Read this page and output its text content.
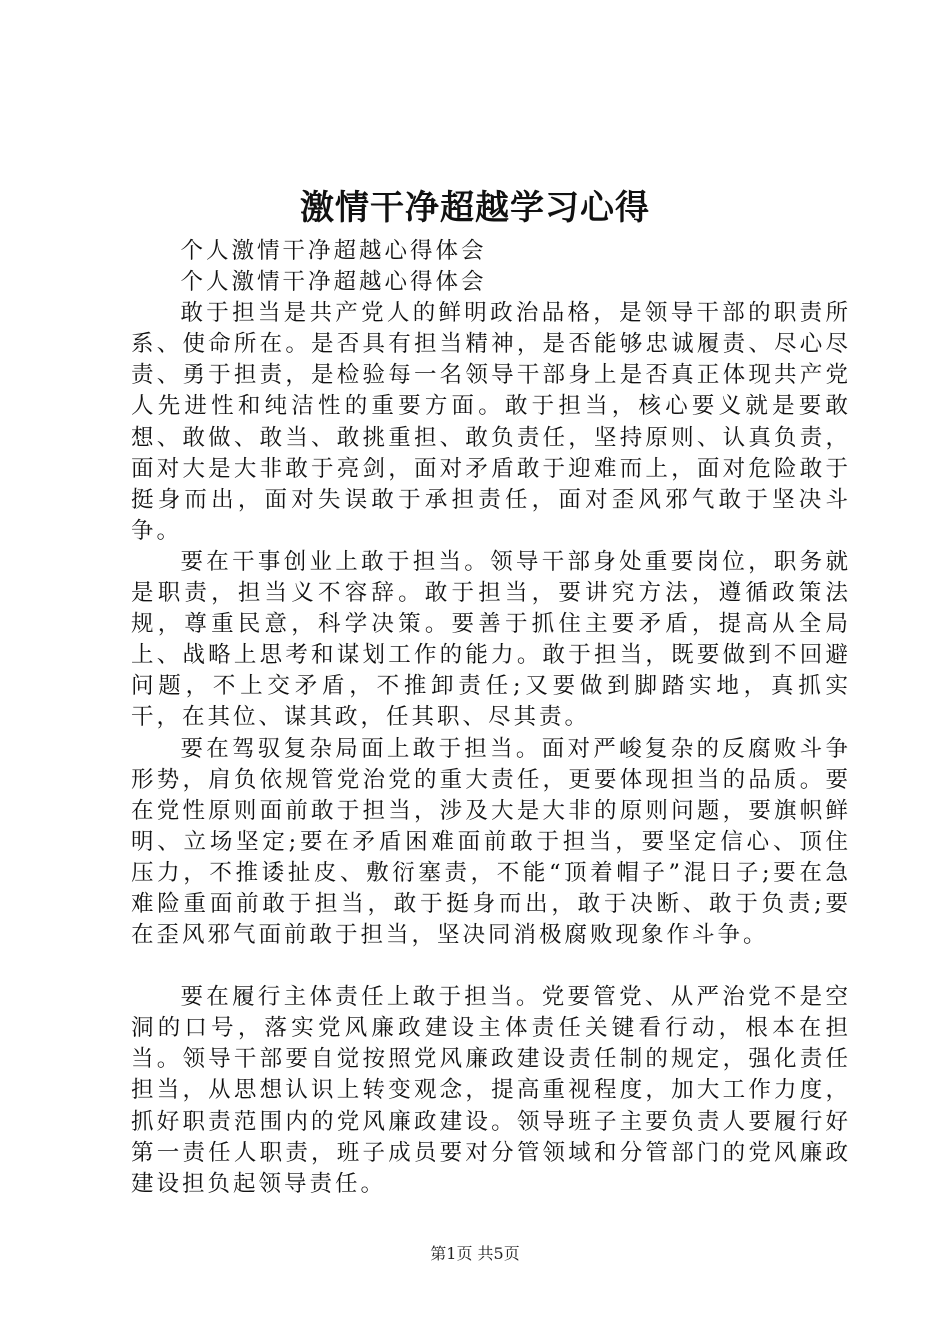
激情干净超越学习心得

个人激情干净超越心得体会

个人激情干净超越心得体会

敢于担当是共产党人的鲜明政治品格，是领导干部的职责所系、使命所在。是否具有担当精神，是否能够忠诚履责、尽心尽责、勇于担责，是检验每一名领导干部身上是否真正体现共产党人先进性和纯洁性的重要方面。敢于担当，核心要义就是要敢想、敢做、敢当、敢挑重担、敢负责任，坚持原则、认真负责，面对大是大非敢于亮剑，面对矛盾敢于迎难而上，面对危险敢于挺身而出，面对失误敢于承担责任，面对歪风邪气敢于坚决斗争。

要在干事创业上敢于担当。领导干部身处重要岗位，职务就是职责，担当义不容辞。敢于担当，要讲究方法，遵循政策法规，尊重民意，科学决策。要善于抓住主要矛盾，提高从全局上、战略上思考和谋划工作的能力。敢于担当，既要做到不回避问题，不上交矛盾，不推卸责任;又要做到脚踏实地，真抓实干，在其位、谋其政，任其职、尽其责。

要在驾驭复杂局面上敢于担当。面对严峻复杂的反腐败斗争形势，肩负依规管党治党的重大责任，更要体现担当的品质。要在党性原则面前敢于担当，涉及大是大非的原则问题，要旗帜鲜明、立场坚定;要在矛盾困难面前敢于担当，要坚定信心、顶住压力，不推诿扯皮、敷衍塞责，不能“顶着帽子”混日子;要在急难险重面前敢于担当，敢于挺身而出，敢于决断、敢于负责;要在歪风邪气面前敢于担当，坚决同消极腐败现象作斗争。

要在履行主体责任上敢于担当。党要管党、从严治党不是空洞的口号，落实党风廉政建设主体责任关键看行动，根本在担当。领导干部要自觉按照党风廉政建设责任制的规定，强化责任担当，从思想认识上转变观念，提高重视程度，加大工作力度，抓好职责范围内的党风廉政建设。领导班子主要负责人要履行好第一责任人职责，班子成员要对分管领域和分管部门的党风廉政建设担负起领导责任。

第1页 共5页
